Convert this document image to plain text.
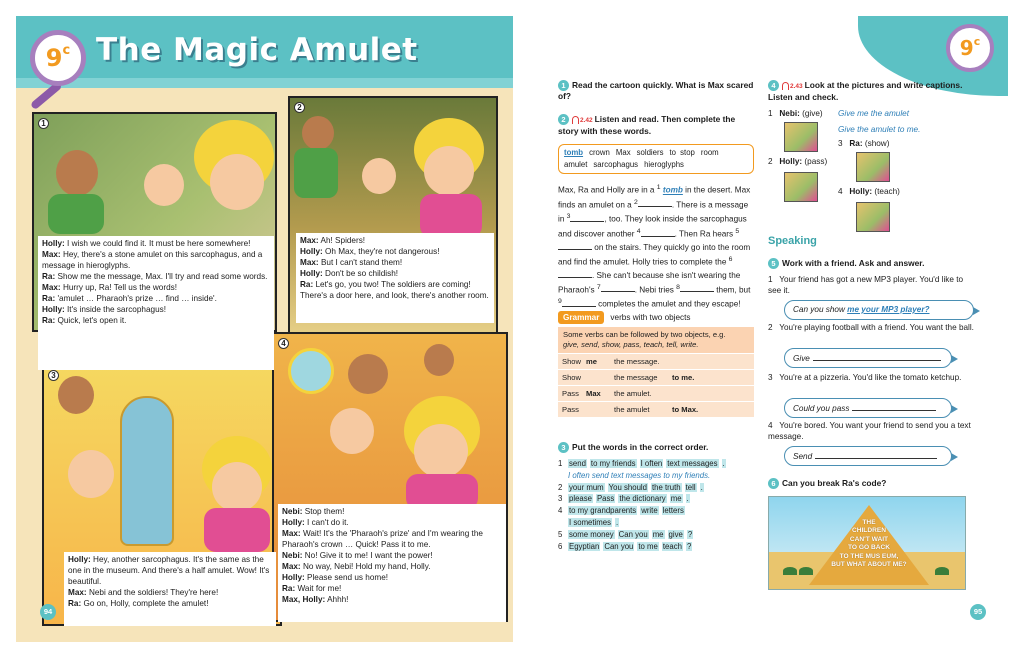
9 c The Magic Amulet
1

Holly: I wish we could find it. It must be here somewhere!

Max: Hey, there's a stone amulet on this sarcophagus, and a message in hieroglyphs.

Ra: Show me the message, Max. I'll try and read some words.

Max: Hurry up, Ra! Tell us the words!

Ra: 'amulet … Pharaoh's prize … find … inside'.

Holly: It's inside the sarcophagus!

Ra: Quick, let's open it.

2

Max: Ah! Spiders!

Holly: Oh Max, they're not dangerous!

Max: But I can't stand them!

Holly: Don't be so childish!

Ra: Let's go, you two! The soldiers are coming! There's a door here, and look, there's another room.

3

Holly: Hey, another sarcophagus. It's the same as the one in the museum. And there's a half amulet. Wow! It's beautiful.

Max: Nebi and the soldiers! They're here!

Ra: Go on, Holly, complete the amulet!

4

Nebi: Stop them!

Holly: I can't do it.

Max: Wait! It's the 'Pharaoh's prize' and I'm wearing the Pharaoh's crown … Quick! Pass it to me.

Nebi: No! Give it to me! I want the power!

Max: No way, Nebi! Hold my hand, Holly.

Holly: Please send us home!

Ra: Wait for me!

Max, Holly: Ahhh!

94
9 c
1 Read the cartoon quickly. What is Max scared of?
2 2.42 Listen and read. Then complete the story with these words.
tomb crown Max soldiers to stop room
amulet sarcophagus hieroglyphs
Max, Ra and Holly are in a $^1$ tomb in the desert. Max finds an amulet on a $^2$	. There is a message in $^3$	, too. They look inside the sarcophagus and discover another $^4$	. Then Ra hears $^5$ on the stairs. They quickly go into the room and find the amulet. Holly tries to complete the $^6$. She can't because she isn't wearing the Pharaoh's $^7$	. Nebi tries $^8$	them, but $^9$	completes the amulet and they escape!
Grammar	verbs with two objects
Some verbs can be followed by two objects, e.g.
give, send, show, pass, teach, tell, write.
Show me	the message.
Show	the message	to me.
Pass Max	the amulet.
Pass	the amulet	to Max.
3 Put the words in the correct order.
1 send to my friends I often text messages .
I often send text messages to my friends.
2 your mum You should the truth tell .
3 please Pass the dictionary me .
4 to my grandparents write letters
I sometimes .
5 some money Can you me give ?
6 Egyptian Can you to me teach ?
4 2.43 Look at the pictures and write captions. Listen and check.
1 Nebi: (give)	Give me the amulet
Give the amulet to me.
2 Holly: (pass)
3 Ra: (show)
4 Holly: (teach)
Speaking
5 Work with a friend. Ask and answer.
1 Your friend has got a new MP3 player. You'd like to see it.
Can you show me your MP3 player?
2 You're playing football with a friend. You want the ball.
Give
3 You're at a pizzeria. You'd like the tomato ketchup.
Could you pass
4 You're bored. You want your friend to send you a text message.
Send
6 Can you break Ra's code?
THE
CHILDREN
CAN'T WAIT
TO GO BACK
TO THE MUS EUM,
BUT WHAT ABOUT ME?
95
